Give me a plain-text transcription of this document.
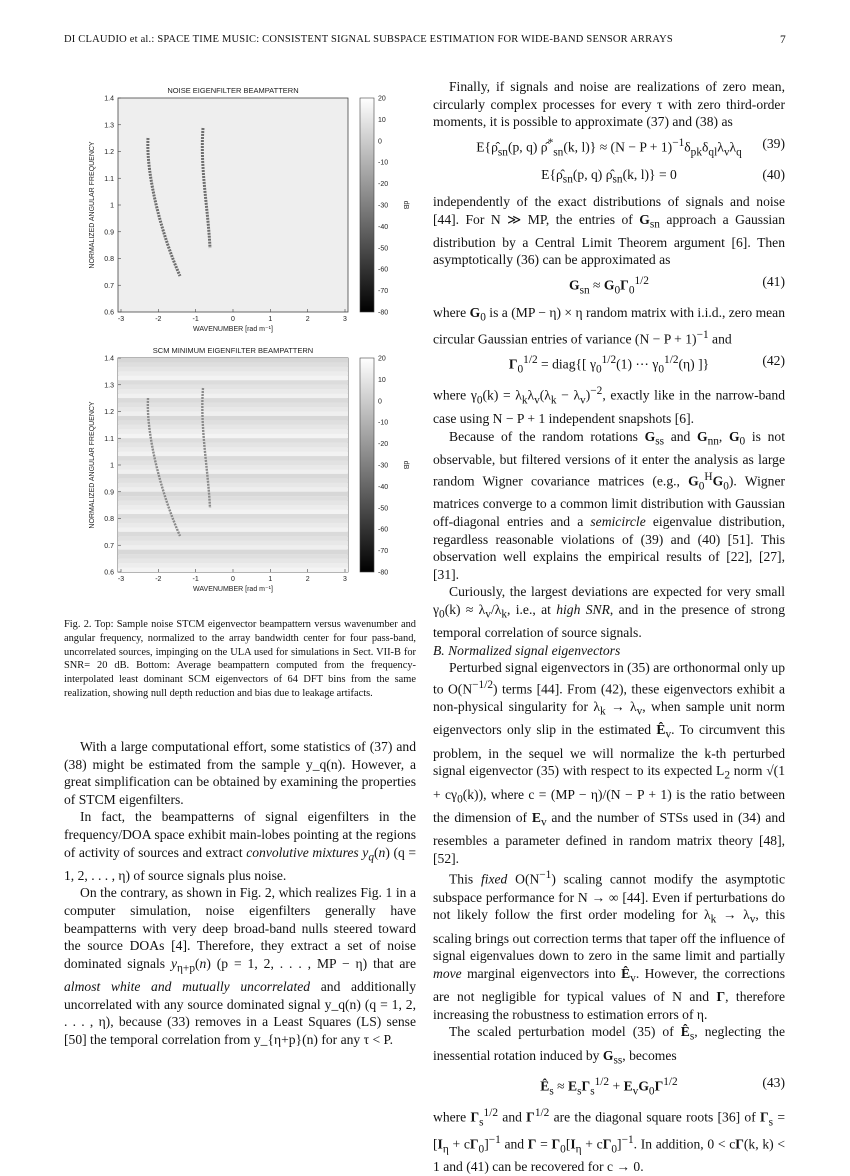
DI CLAUDIO et al.: SPACE TIME MUSIC: CONSISTENT SIGNAL SUBSPACE ESTIMATION FOR WIDE-BAND SENSOR ARRAYS	7
NOISE EIGENFILTER BEAMPATTERN
-3	-2	-1	0	1	2	3
WAVENUMBER [rad m⁻¹]
1.4
1.3
1.2
1.1
1
0.9
0.8
0.7
0.6
NORMALIZED ANGULAR FREQUENCY
20
10
0
-10
-20
-30
-40
-50
-60
-70
-80
dB
SCM MINIMUM EIGENFILTER BEAMPATTERN
-3	-2	-1	0	1	2	3
WAVENUMBER [rad m⁻¹]
1.4
1.3
1.2
1.1
1
0.9
0.8
0.7
0.6
NORMALIZED ANGULAR FREQUENCY
20
10
0
-10
-20
-30
-40
-50
-60
-70
-80
dB
Fig. 2. Top: Sample noise STCM eigenvector beampattern versus wavenumber and angular frequency, normalized to the array bandwidth center for four pass-band, uncorrelated sources, impinging on the ULA used for simulations in Sect. VII-B for SNR= 20 dB. Bottom: Average beampattern computed from the frequency-interpolated least dominant SCM eigenvectors of 64 DFT bins from the same realization, showing null depth reduction and bias due to leakage artifacts.

With a large computational effort, some statistics of (37) and (38) might be estimated from the sample y_q(n). However, a great simplification can be obtained by examining the properties of STCM eigenfilters.

In fact, the beampatterns of signal eigenfilters in the frequency/DOA space exhibit main-lobes pointing at the regions of activity of sources and extract convolutive mixtures $y_q(n) (q = 1$, 2, . . . , η) of source signals plus noise.

On the contrary, as shown in Fig. 2, which realizes Fig. 1 in a computer simulation, noise eigenfilters generally have beampatterns with very deep broad-band nulls steered toward the source DOAs [4]. Therefore, they extract a set of noise dominated signals $y_{\eta+p}(n) (p = 1$, 2, . . . , MP − η) that are almost white and mutually uncorrelated and additionally uncorrelated with any source dominated signal y_q(n) (q = 1, 2, . . . , η), because (33) removes in a Least Squares (LS) sense [50] the temporal correlation from y_{η+p}(n) for any τ < P.

Finally, if signals and noise are realizations of zero mean, circularly complex processes for every τ with zero third-order moments, it is possible to approximate (37) and (38) as

$E\{\rhô_{sn}(p$, q) $\rhô^*_{sn}(k$, $l)\} \approx (N - P + 1)^{-1}\delta_{pk}\delta_{ql}\lambda_v\lambda_q$
(39)
$E\{\rhô_{sn}(p$, q) $\rhô_{sn}(k$, l)} = 0	(40)

independently of the exact distributions of signals and noise [44]. For N ≫ MP, the entries of $G_{sn}$ approach a Gaussian distribution by a Central Limit Theorem argument [6]. Then asymptotically (36) can be approximated as

$G_{sn} \approx G_0\Gamma_0^{1/2}$	(41)

where $G_0$ is a (MP − η) × η random matrix with i.i.d., zero mean circular Gaussian entries of variance $(N - P + 1)^{-1}$ and

$\Gamma_0^{1/2}$ = diag{[ $\gamma_0^{1/2}(1)$ ⋯ $\gamma_0^{1/2}(\eta)$ ]}	(42)

where $\gamma_0(k) = \lambda_k\lambda_v(\lambda_k - \lambda_v)^{-2}$, exactly like in the narrow-band case using N − P + 1 independent snapshots [6].

Because of the random rotations $G_{ss}$ and $G_{nn}$, $G_0$ is not observable, but filtered versions of it enter the analysis as large random Wigner covariance matrices (e.g., $G_0^HG_0$). Wigner matrices converge to a common limit distribution with Gaussian off-diagonal entries and a semicircle eigenvalue distribution, regardless reasonable violations of (39) and (40) [51]. This observation well explains the empirical results of [22], [27], [31].

Curiously, the largest deviations are expected for very small $\gamma_0(k) \approx \lambda_v/\lambda_k$, i.e., at high SNR, and in the presence of strong temporal correlation of source signals.

B. Normalized signal eigenvectors

Perturbed signal eigenvectors in (35) are orthonormal only up to $O(N^{-1/2})$ terms [44]. From (42), these eigenvectors exhibit a non-physical singularity for $\lambda_k \to \lambda_v$, when sample unit norm eigenvectors only slip in the estimated $Ê_v$. To circumvent this problem, in the sequel we will normalize the k-th perturbed signal eigenvector (35) with respect to its expected $L_2$ norm $√(1 + c\gamma_0(k))$, where c = (MP − η)/(N − P + 1) is the ratio between the dimension of $E_v$ and the number of STSs used in (34) and resembles a parameter defined in random matrix theory [48], [52].

This fixed $O(N^{-1})$ scaling cannot modify the asymptotic subspace performance for N → ∞ [44]. Even if perturbations do not likely follow the first order modeling for $\lambda_k \to \lambda_v$, this scaling brings out correction terms that taper off the influence of signal eigenvalues down to zero in the same limit and partially move marginal eigenvectors into $Ê_v$. However, the corrections are not negligible for typical values of N and Γ, therefore increasing the robustness to estimation errors of η.

The scaled perturbation model (35) of $Ê_s$, neglecting the inessential rotation induced by $G_{ss}$, becomes

$Ê_s \approx E_s\Gamma_s^{1/2} + E_vG_0\Gamma^{1/2}$	(43)

where $\Gamma_s^{1/2}$ and $\Gamma^{1/2}$ are the diagonal square roots [36] of $\Gamma_s = [I_\eta + c\Gamma_0]^{-1}$ and $\Gamma = \Gamma_0[I_\eta + c\Gamma_0]^{-1}$. In addition, 0 < cΓ(k, k) < 1 and (41) can be recovered for c → 0.
